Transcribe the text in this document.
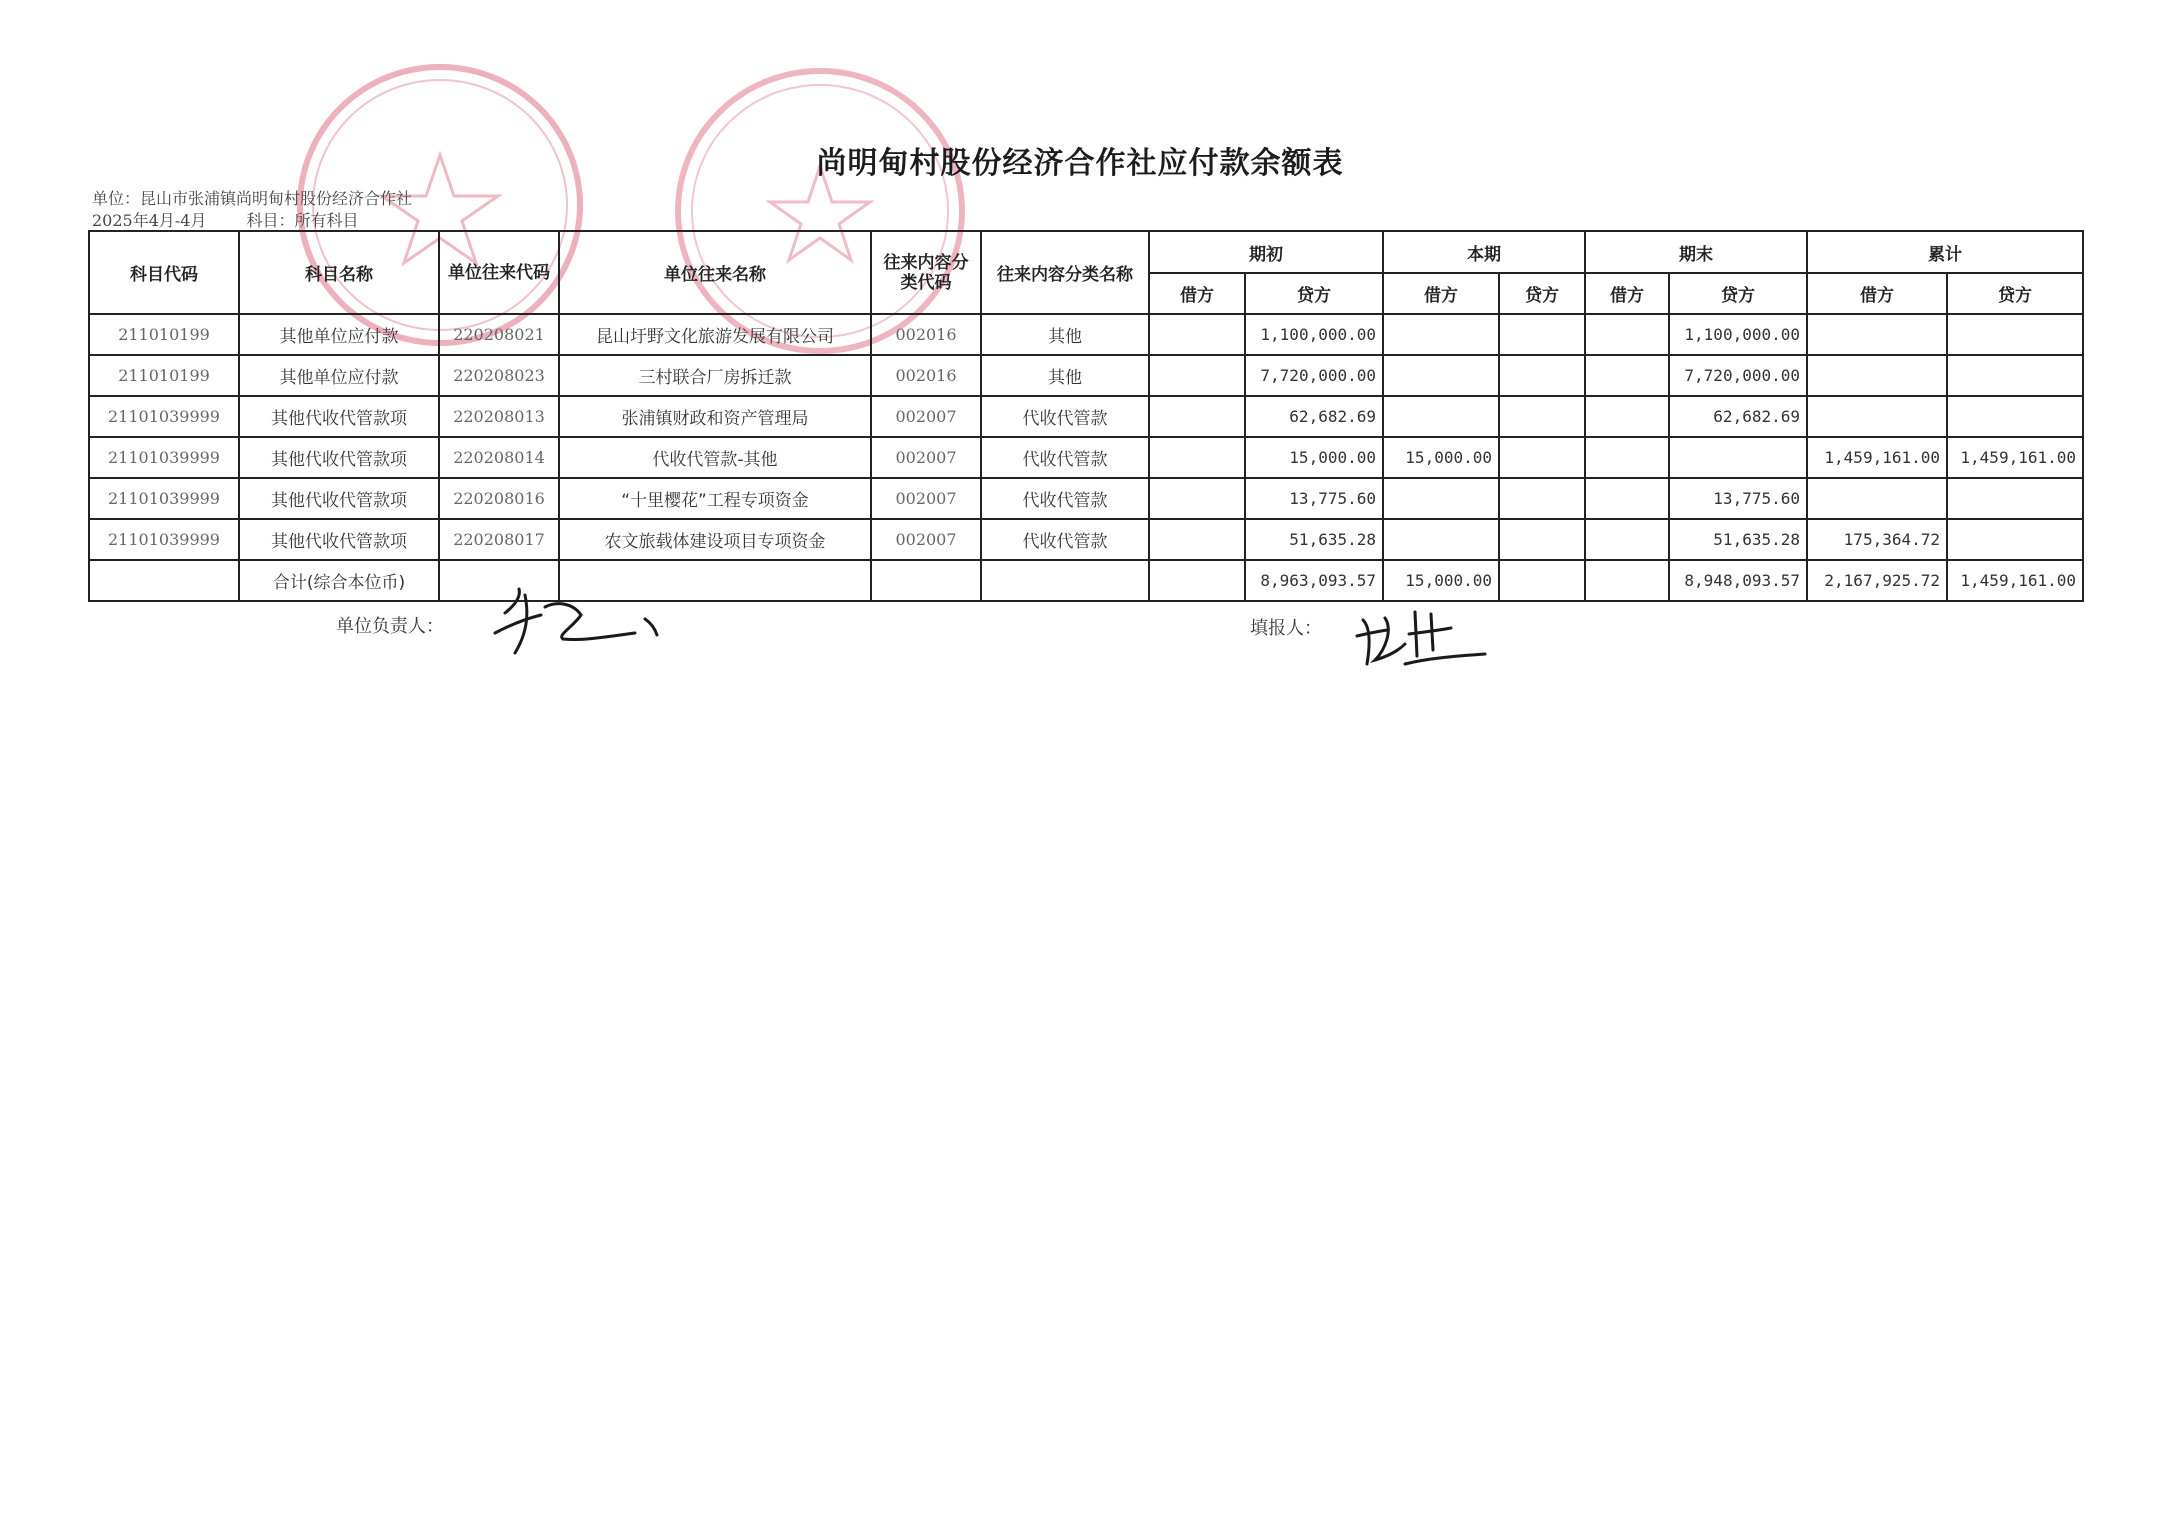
尚明甸村股份经济合作社应付款余额表
单位：昆山市张浦镇尚明甸村股份经济合作社
2025年4月-4月	科目：所有科目
科目代码	科目名称	单位往来代码	单位往来名称	往来内容分类代码	往来内容分类名称	期初		本期		期末		累计	
						借方	贷方	借方	贷方	借方	贷方	借方	贷方
211010199	其他单位应付款	220208021	昆山圩野文化旅游发展有限公司	002016	其他		1,100,000.00				1,100,000.00		
211010199	其他单位应付款	220208023	三村联合厂房拆迁款	002016	其他		7,720,000.00				7,720,000.00		
21101039999	其他代收代管款项	220208013	张浦镇财政和资产管理局	002007	代收代管款		62,682.69				62,682.69		
21101039999	其他代收代管款项	220208014	代收代管款-其他	002007	代收代管款		15,000.00	15,000.00				1,459,161.00	1,459,161.00
21101039999	其他代收代管款项	220208016	“十里樱花”工程专项资金	002007	代收代管款		13,775.60				13,775.60		
21101039999	其他代收代管款项	220208017	农文旅载体建设项目专项资金	002007	代收代管款		51,635.28				51,635.28	175,364.72	
	合计(综合本位币)						8,963,093.57	15,000.00			8,948,093.57	2,167,925.72	1,459,161.00
单位负责人：	填报人：
